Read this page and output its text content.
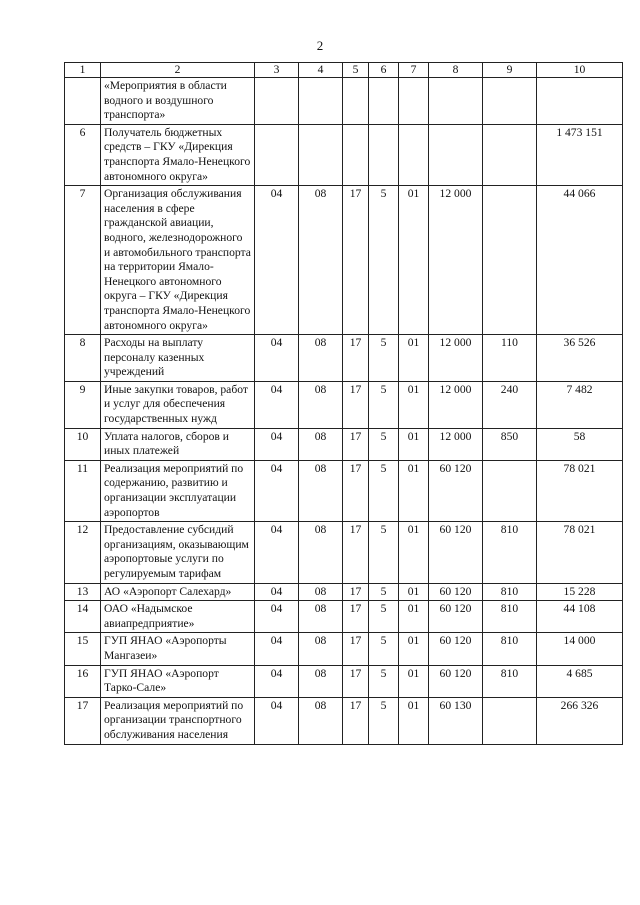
2
1	2	3	4	5	6	7	8	9	10
	«Мероприятия в области водного и воздушного транспорта»								
6	Получатель бюджетных средств – ГКУ «Дирекция транспорта Ямало-Ненецкого автономного округа»								1 473 151
7	Организация обслуживания населения в сфере гражданской авиации, водного, железнодорожного и автомобильного транспорта на территории Ямало-Ненецкого автономного округа – ГКУ «Дирекция транспорта Ямало-Ненецкого автономного округа»	04	08	17	5	01	12 000		44 066
8	Расходы на выплату персоналу казенных учреждений	04	08	17	5	01	12 000	110	36 526
9	Иные закупки товаров, работ и услуг для обеспечения государственных нужд	04	08	17	5	01	12 000	240	7 482
10	Уплата налогов, сборов и иных платежей	04	08	17	5	01	12 000	850	58
11	Реализация мероприятий по содержанию, развитию и организации эксплуатации аэропортов	04	08	17	5	01	60 120		78 021
12	Предоставление субсидий организациям, оказывающим аэропортовые услуги по регулируемым тарифам	04	08	17	5	01	60 120	810	78 021
13	АО «Аэропорт Салехард»	04	08	17	5	01	60 120	810	15 228
14	ОАО «Надымское авиапредприятие»	04	08	17	5	01	60 120	810	44 108
15	ГУП ЯНАО «Аэропорты Мангазеи»	04	08	17	5	01	60 120	810	14 000
16	ГУП ЯНАО «Аэропорт Тарко-Сале»	04	08	17	5	01	60 120	810	4 685
17	Реализация мероприятий по организации транспортного обслуживания населения	04	08	17	5	01	60 130		266 326
